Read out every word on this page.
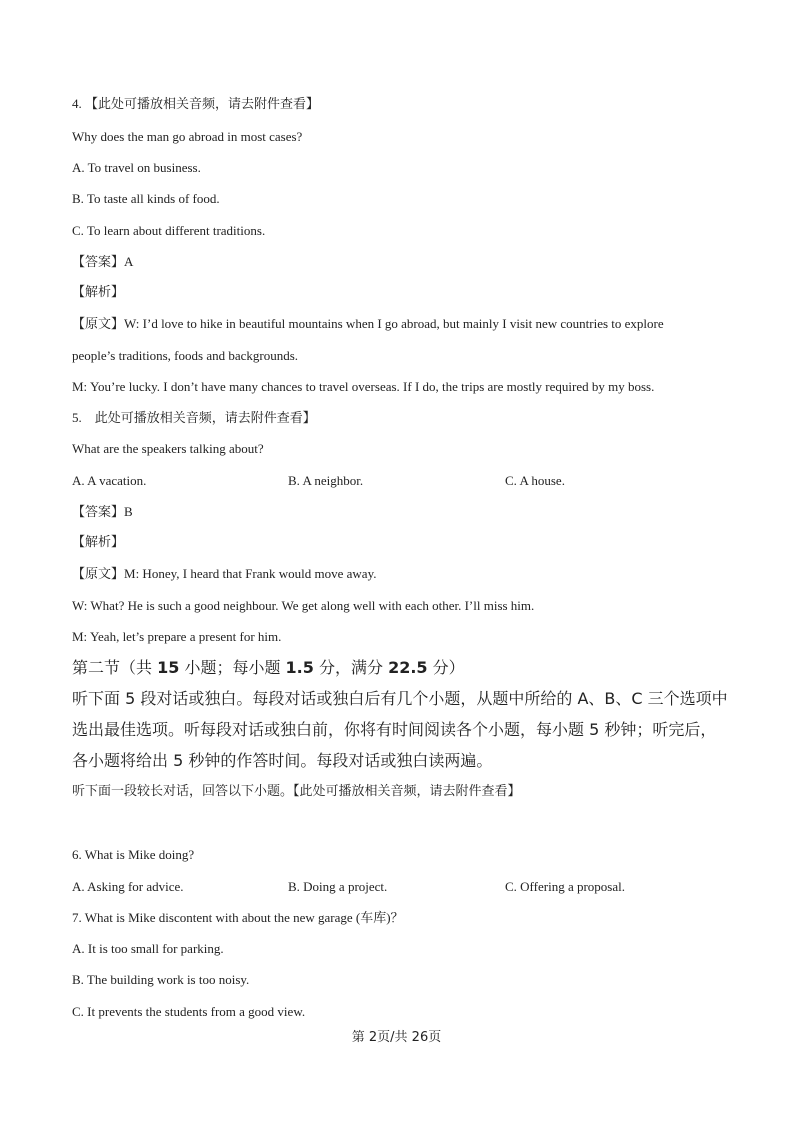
4. 【此处可播放相关音频，请去附件查看】
Why does the man go abroad in most cases?
A. To travel on business.
B. To taste all kinds of food.
C. To learn about different traditions.
【答案】A
【解析】
【原文】W: I’d love to hike in beautiful mountains when I go abroad, but mainly I visit new countries to explore
people’s traditions, foods and backgrounds.
M: You’re lucky. I don’t have many chances to travel overseas. If I do, the trips are mostly required by my boss.
5. 此处可播放相关音频，请去附件查看】
What are the speakers talking about?
A. A vacation.	B. A neighbor.	C. A house.
【答案】B
【解析】
【原文】M: Honey, I heard that Frank would move away.
W: What? He is such a good neighbour. We get along well with each other. I’ll miss him.
M: Yeah, let’s prepare a present for him.
第二节（共 15 小题；每小题 1.5 分，满分 22.5 分）
听下面 5 段对话或独白。每段对话或独白后有几个小题，从题中所给的 A、B、C 三个选项中
选出最佳选项。听每段对话或独白前，你将有时间阅读各个小题，每小题 5 秒钟；听完后，
各小题将给出 5 秒钟的作答时间。每段对话或独白读两遍。
听下面一段较长对话，回答以下小题。【此处可播放相关音频，请去附件查看】
6. What is Mike doing?
A. Asking for advice.	B. Doing a project.	C. Offering a proposal.
7. What is Mike discontent with about the new garage (车库)？
A. It is too small for parking.
B. The building work is too noisy.
C. It prevents the students from a good view.
第 2页/共 26页
